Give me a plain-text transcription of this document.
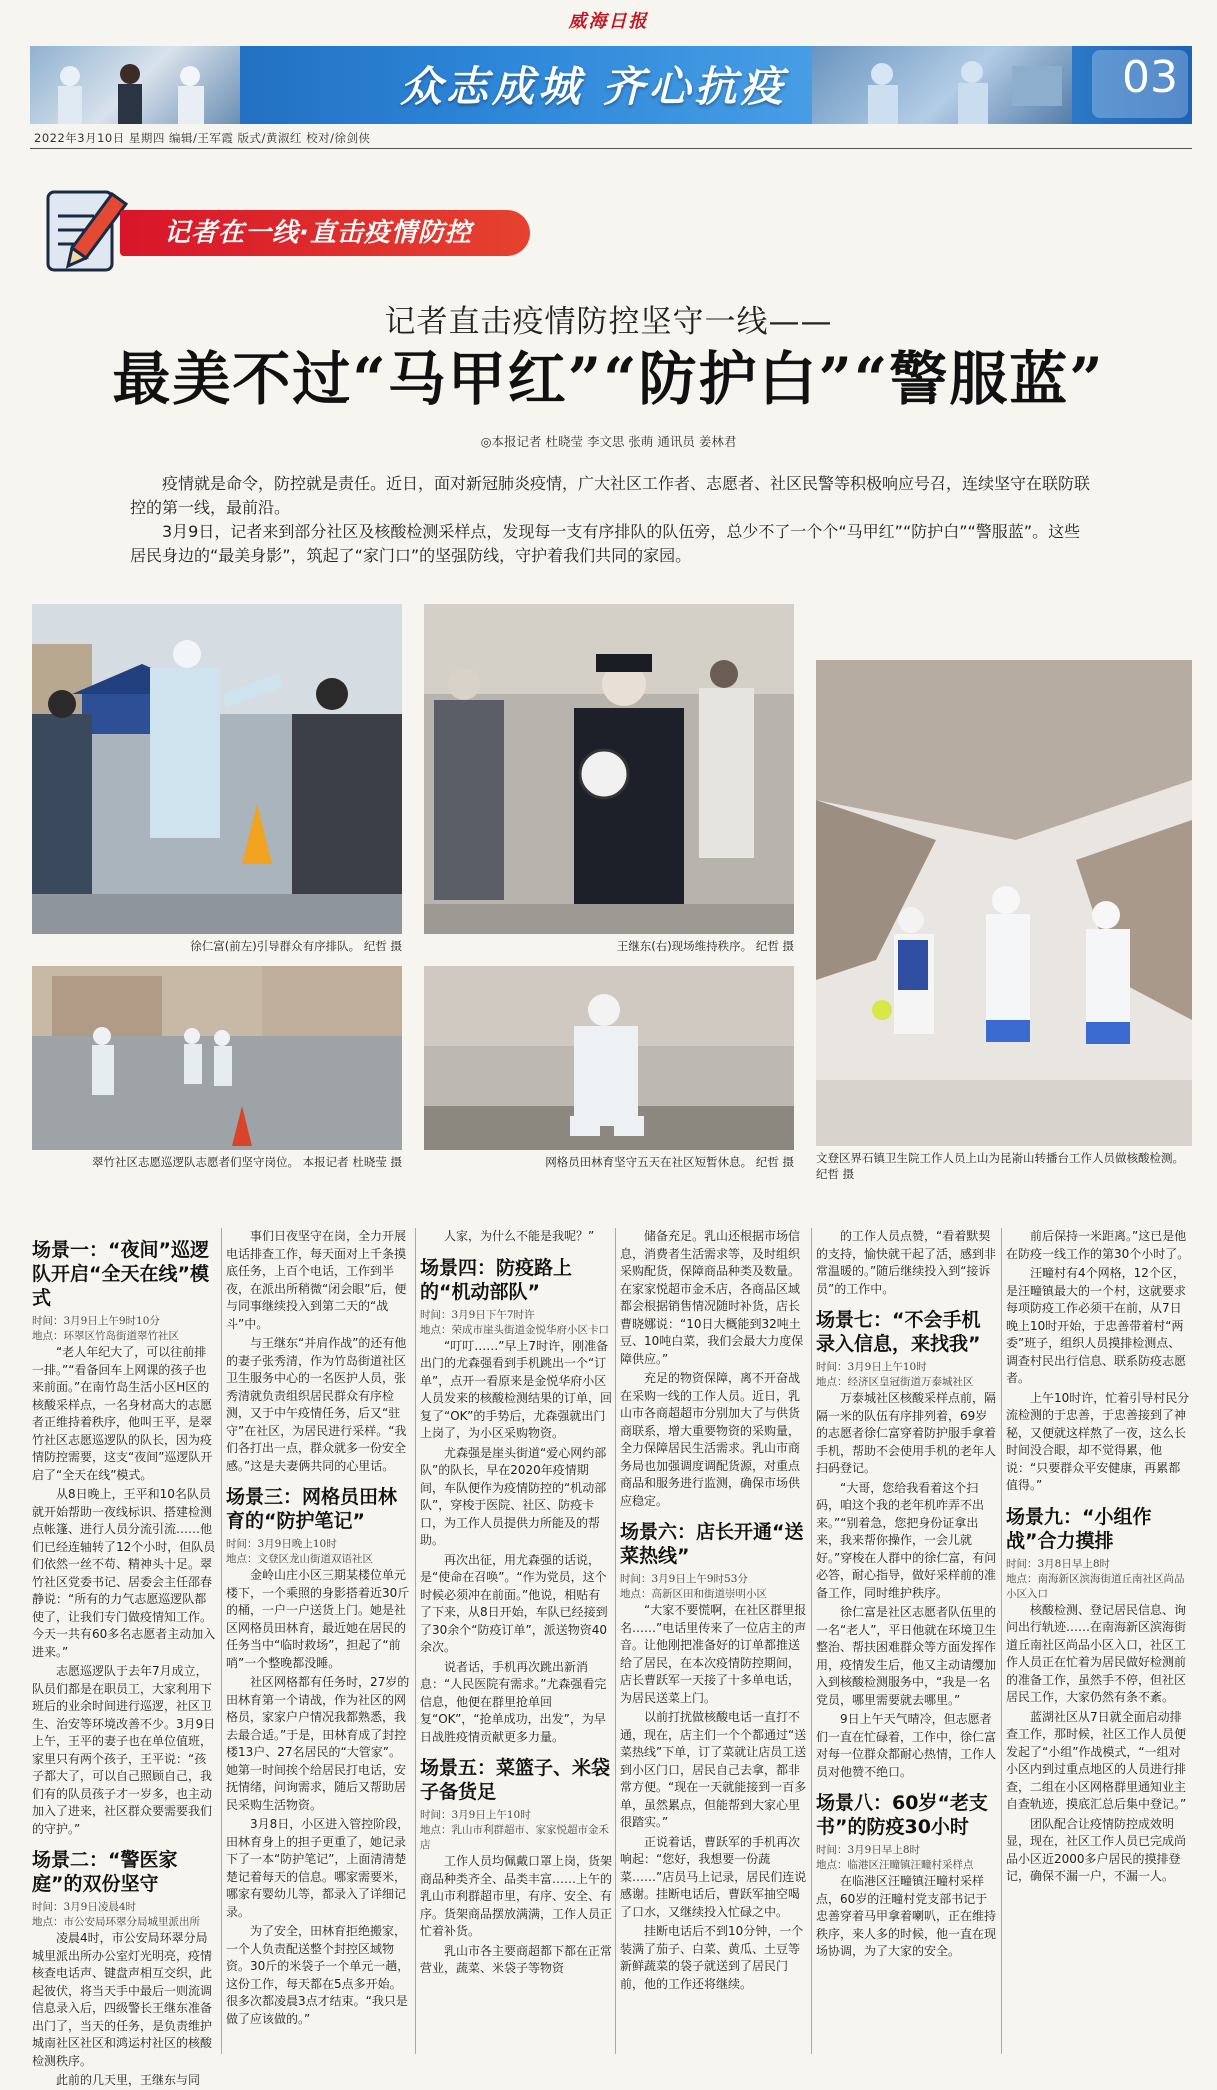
威海日报
众志成城 齐心抗疫	03
2022年3月10日 星期四 编辑/王军霞 版式/黄淑红 校对/徐剑侠
记者在一线·直击疫情防控
记者直击疫情防控坚守一线——
最美不过“马甲红”“防护白”“警服蓝”
◎本报记者 杜晓莹 李文思 张萌 通讯员 姜林君

疫情就是命令，防控就是责任。近日，面对新冠肺炎疫情，广大社区工作者、志愿者、社区民警等积极响应号召，连续坚守在联防联控的第一线，最前沿。

3月9日，记者来到部分社区及核酸检测采样点，发现每一支有序排队的队伍旁，总少不了一个个“马甲红”“防护白”“警服蓝”。这些居民身边的“最美身影”，筑起了“家门口”的坚强防线，守护着我们共同的家园。

徐仁富(前左)引导群众有序排队。 纪哲 摄	王继东(右)现场维持秩序。 纪哲 摄
文登区界石镇卫生院工作人员上山为昆嵛山转播台工作人员做核酸检测。 纪哲 摄
翠竹社区志愿巡逻队志愿者们坚守岗位。 本报记者 杜晓莹 摄	网格员田林育坚守五天在社区短暂休息。 纪哲 摄
场景一：“夜间”巡逻队开启“全天在线”模式

时间：3月9日上午9时10分

地点：环翠区竹岛街道翠竹社区

“老人年纪大了，可以往前排一排。”“看备回车上网课的孩子也来前面。”在南竹岛生活小区H区的核酸采样点，一名身材高大的志愿者正维持着秩序，他叫王平，是翠竹社区志愿巡逻队的队长，因为疫情防控需要，这支“夜间”巡逻队开启了“全天在线”模式。

从8日晚上，王平和10名队员就开始帮助一夜线标识、搭建检测点帐篷、进行人员分流引流……他们已经连轴转了12个小时，但队员们依然一丝不苟、精神头十足。翠竹社区党委书记、居委会主任邵春静说：“所有的力气志愿巡逻队都使了，让我们专门做疫情知工作。今天一共有60多名志愿者主动加入进来。”

志愿巡逻队于去年7月成立，队员们都是在职员工，大家利用下班后的业余时间进行巡逻，社区卫生、治安等环境改善不少。3月9日上午，王平的妻子也在单位值班，家里只有两个孩子，王平说：“孩子都大了，可以自己照顾自己，我们有的队员孩子才一岁多，也主动加入了进来，社区群众要需要我们的守护。”

场景二：“警医家庭”的双份坚守

时间：3月9日凌晨4时

地点：市公安局环翠分局城里派出所

凌晨4时，市公安局环翠分局城里派出所办公室灯光明亮，疫情核查电话声、键盘声相互交织，此起彼伏，将当天手中最后一则流调信息录入后，四级警长王继东准备出门了，当天的任务，是负责维护城南社区社区和鸿运村社区的核酸检测秩序。

此前的几天里，王继东与同

事们日夜坚守在岗，全力开展电话排查工作，每天面对上千条摸底任务，上百个电话，工作到半夜，在派出所稍微“闭会眼”后，便与同事继续投入到第二天的“战斗”中。

与王继东“并肩作战”的还有他的妻子张秀清，作为竹岛街道社区卫生服务中心的一名医护人员，张秀清就负责组织居民群众有序检测，又于中午疫情任务，后又“驻守”在社区，为居民进行采样。“我们各打出一点，群众就多一份安全感。”这是夫妻俩共同的心里话。

场景三：网格员田林育的“防护笔记”

时间：3月9日晚上10时

地点：文登区龙山街道双语社区

金岭山庄小区三期某楼位单元楼下，一个乘照的身影搭着近30斤的桶，一户一户送货上门。她是社区网格员田林育，最近她在居民的任务当中“临时救场”，担起了“前哨”一个整晚都没睡。

社区网格都有任务时，27岁的田林育第一个请战，作为社区的网格员，家家户户情况我都熟悉，我去最合适。”于是，田林育成了封控楼13户、27名居民的“大管家”。她第一时间挨个给居民打电话，安抚情绪，问询需求，随后又帮助居民采购生活物资。

3月8日，小区进入管控阶段，田林育身上的担子更重了，她记录下了一本“防护笔记”，上面清清楚楚记着每天的信息。哪家需要米，哪家有婴幼儿等，都录入了详细记录。

为了安全，田林育拒绝搬家，一个人负责配送整个封控区域物资。30斤的米袋子一个单元一趟，这份工作，每天都在5点多开始。很多次都凌晨3点才结束。“我只是做了应该做的。”

人家，为什么不能是我呢？”

场景四：防疫路上的“机动部队”

时间：3月9日下午7时许

地点：荣成市崖头街道金悦华府小区卡口

“叮叮……”早上7时许，刚准备出门的尤森强看到手机跳出一个“订单”，点开一看原来是金悦华府小区人员发来的核酸检测结果的订单，回复了“OK”的手势后，尤森强就出门上岗了，为小区采购物资。

尤森强是崖头街道“爱心网约部队”的队长，早在2020年疫情期间，车队便作为疫情防控的“机动部队”，穿梭于医院、社区、防疫卡口，为工作人员提供力所能及的帮助。

再次出征，用尤森强的话说，是“使命在召唤”。“作为党员，这个时候必须冲在前面。”他说，相贴有了下来，从8日开始，车队已经接到了30余个“防疫订单”，派送物资40余次。

说者话，手机再次跳出新消息：“人民医院有需求。”尤森强看完信息，他便在群里抢单回复“OK”，“抢单成功，出发”，为早日战胜疫情贡献更多力量。

场景五：菜篮子、米袋子备货足

时间：3月9日上午10时

地点：乳山市利群超市、家家悦超市金禾店

工作人员均佩戴口罩上岗，货架商品种类齐全、品类丰富……上午的乳山市利群超市里，有序、安全、有序。货架商品摆放满满，工作人员正忙着补货。

乳山市各主要商超都下都在正常营业，蔬菜、米袋子等物资

储备充足。乳山还根据市场信息，消费者生活需求等，及时组织采购配货，保障商品种类及数量。在家家悦超市金禾店，各商品区域都会根据销售情况随时补货，店长曹晓娜说：“10日大概能到32吨土豆、10吨白菜，我们会最大力度保障供应。”

充足的物资保障，离不开奋战在采购一线的工作人员。近日，乳山市各商超超市分别加大了与供货商联系，增大重要物资的采购量，全力保障居民生活需求。乳山市商务局也加强调度调配货源，对重点商品和服务进行监测，确保市场供应稳定。

场景六：店长开通“送菜热线”

时间：3月9日上午9时53分

地点：高新区田和街道崇明小区

“大家不要慌啊，在社区群里报名……”电话里传来了一位店主的声音。让他刚把准备好的订单都推送给了居民，在本次疫情防控期间，店长曹跃军一天接了十多单电话，为居民送菜上门。

以前打扰做核酸电话一直打不通，现在，店主们一个个都通过“送菜热线”下单，订了菜就让店员工送到小区门口，居民自己去拿，都非常方便。“现在一天就能接到一百多单，虽然累点，但能帮到大家心里很踏实。”

正说着话，曹跃军的手机再次响起：“您好，我想要一份蔬菜……”店员马上记录，居民们连说感谢。挂断电话后，曹跃军抽空喝了口水，又继续投入忙碌之中。

挂断电话后不到10分钟，一个装满了茄子、白菜、黄瓜、土豆等新鲜蔬菜的袋子就送到了居民门前，他的工作还将继续。

的工作人员点赞，“看着默契的支持，愉快就干起了活，感到非常温暖的。”随后继续投入到“接诉员”的工作中。

场景七：“不会手机录入信息，来找我”

时间：3月9日上午10时

地点：经济区皇冠街道万泰城社区

万泰城社区核酸采样点前，隔隔一米的队伍有序排列着，69岁的志愿者徐仁富穿着防护服手拿着手机，帮助不会使用手机的老年人扫码登记。

“大哥，您给我看着这个扫码，咱这个我的老年机咋弄不出来。”“别着急，您把身份证拿出来，我来帮你操作，一会儿就好。”穿梭在人群中的徐仁富，有问必答，耐心指导，做好采样前的准备工作，同时维护秩序。

徐仁富是社区志愿者队伍里的一名“老人”，平日他就在环境卫生整治、帮扶困难群众等方面发挥作用，疫情发生后，他又主动请缨加入到核酸检测服务中，“我是一名党员，哪里需要就去哪里。”

9日上午天气晴冷，但志愿者们一直在忙碌着，工作中，徐仁富对每一位群众都耐心热情，工作人员对他赞不绝口。

场景八：60岁“老支书”的防疫30小时

时间：3月9日早上8时

地点：临港区汪疃镇汪疃村采样点

在临港区汪疃镇汪疃村采样点，60岁的汪疃村党支部书记于忠善穿着马甲拿着喇叭，正在维持秩序，来人多的时候，他一直在现场协调，为了大家的安全。

前后保持一米距离。”这已是他在防疫一线工作的第30个小时了。

汪疃村有4个网格，12个区，是汪疃镇最大的一个村，这就要求每项防疫工作必须干在前，从7日晚上10时开始，于忠善带着村“两委”班子，组织人员摸排检测点、调查村民出行信息、联系防疫志愿者。

上午10时许，忙着引导村民分流检测的于忠善，于忠善接到了神秘，又便就这样熬了一夜，这么长时间没合眼，却不觉得累，他说：“只要群众平安健康，再累都值得。”

场景九：“小组作战”合力摸排

时间：3月8日早上8时

地点：南海新区滨海街道丘南社区尚品小区入口

核酸检测、登记居民信息、询问出行轨迹……在南海新区滨海街道丘南社区尚品小区入口，社区工作人员正在忙着为居民做好检测前的准备工作，虽然手不停，但社区居民工作，大家仍然有条不紊。

蓝湖社区从7日就全面启动排查工作，那时候，社区工作人员便发起了“小组”作战模式，“一组对小区内到过重点地区的人员进行排查，二组在小区网格群里通知业主自查轨迹，摸底汇总后集中登记。”

团队配合让疫情防控成效明显，现在，社区工作人员已完成尚品小区近2000多户居民的摸排登记，确保不漏一户，不漏一人。
